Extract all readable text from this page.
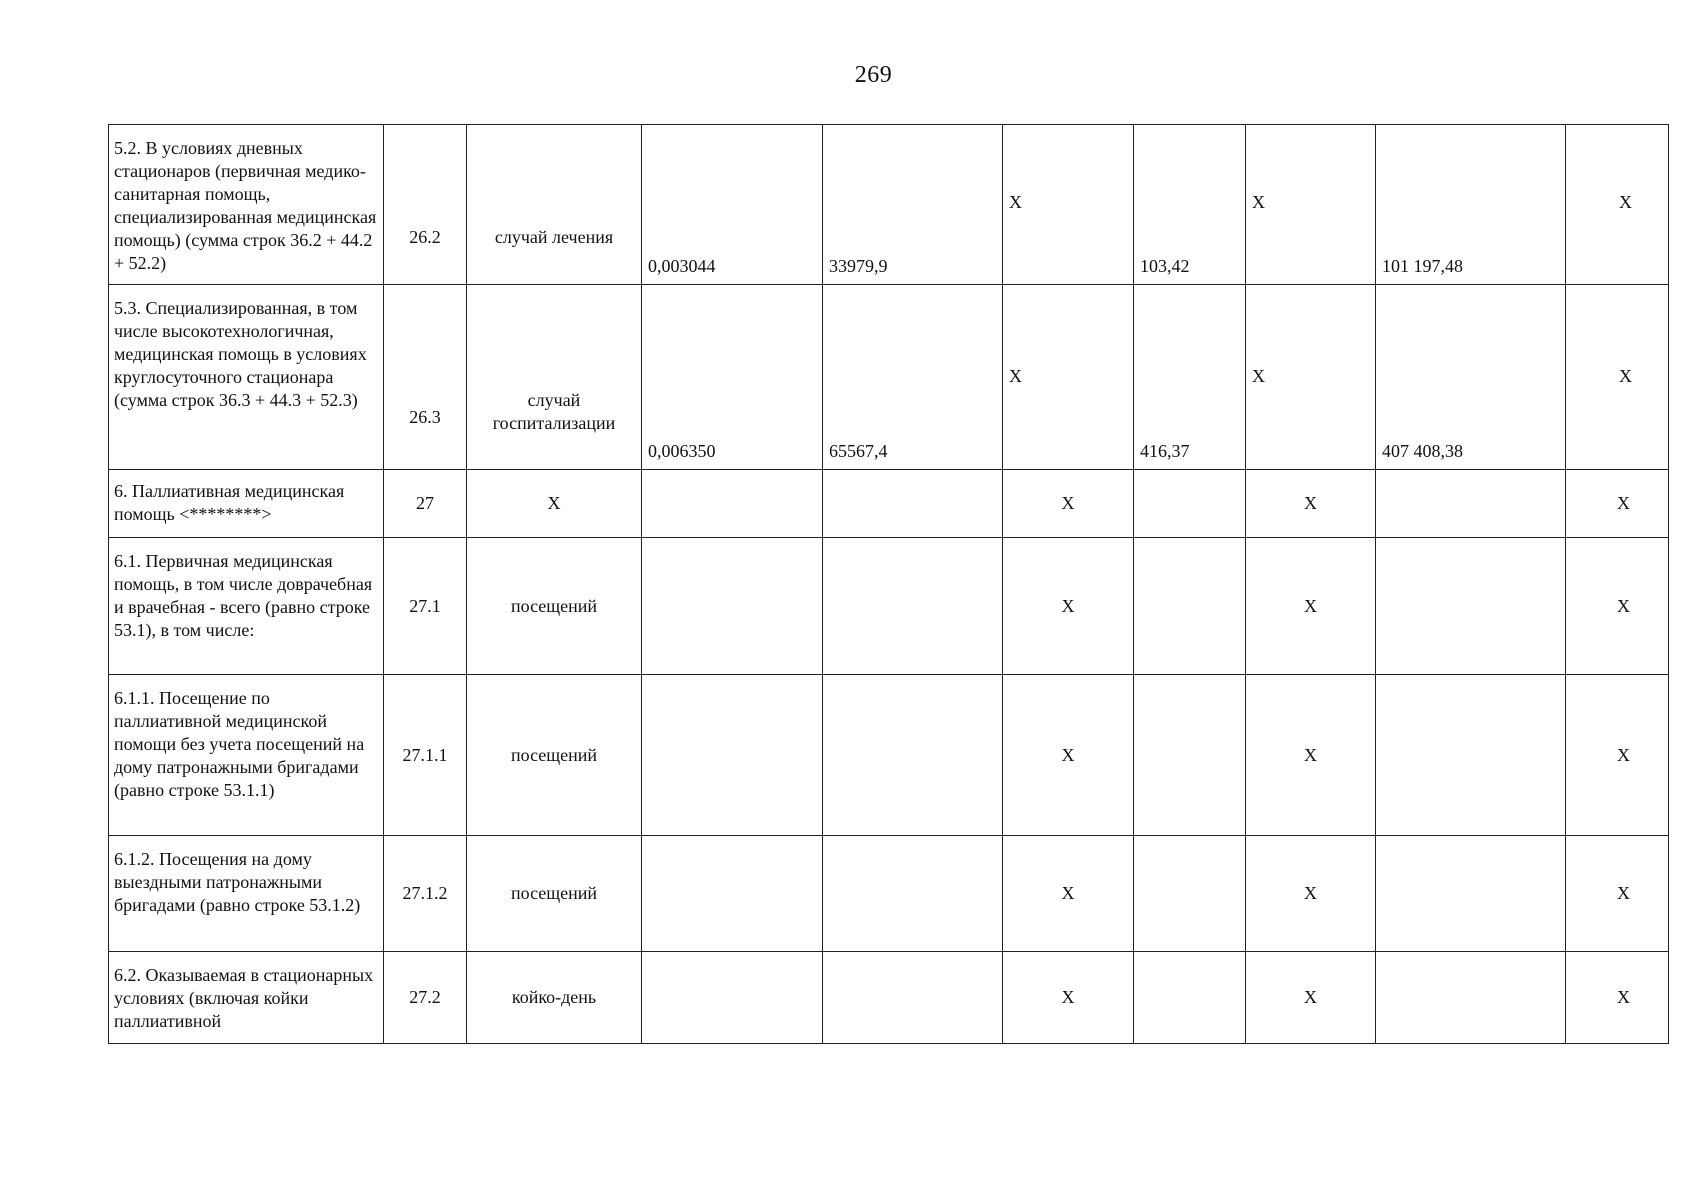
269
5.2. В условиях дневных стационаров (первичная медико-санитарная помощь, специализированная медицинская помощь) (сумма строк 36.2 + 44.2 + 52.2)	26.2	случай лечения	0,003044	33979,9	X	103,42	X	101 197,48	X
5.3. Специализированная, в том числе высокотехнологичная, медицинская помощь в условиях круглосуточного стационара (сумма строк 36.3 + 44.3 + 52.3)	26.3	случай госпитализации	0,006350	65567,4	X	416,37	X	407 408,38	X
6. Паллиативная медицинская помощь <********>	27	X			X		X		X
6.1. Первичная медицинская помощь, в том числе доврачебная и врачебная - всего (равно строке 53.1), в том числе:	27.1	посещений			X		X		X
6.1.1. Посещение по паллиативной медицинской помощи без учета посещений на дому патронажными бригадами (равно строке 53.1.1)	27.1.1	посещений			X		X		X
6.1.2. Посещения на дому выездными патронажными бригадами (равно строке 53.1.2)	27.1.2	посещений			X		X		X
6.2. Оказываемая в стационарных условиях (включая койки паллиативной	27.2	койко-день			X		X		X
